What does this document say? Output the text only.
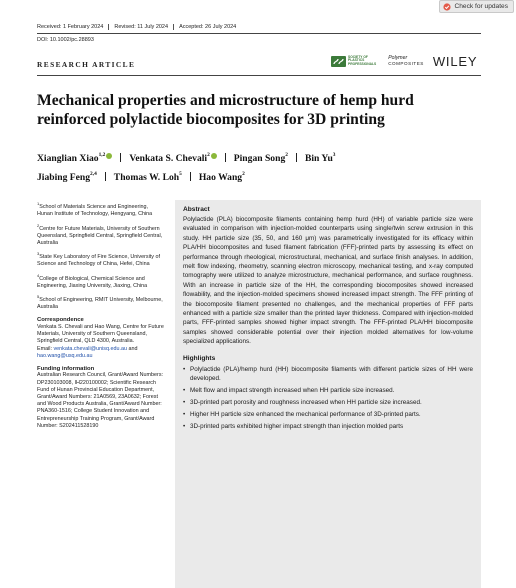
Check for updates
Received: 1 February 2024 Revised: 11 July 2024 Accepted: 26 July 2024
DOI: 10.1002/pc.28893
RESEARCH ARTICLE
SOCIETY OF
PLASTICS
PROFESSIONALS
Polymer
COMPOSITES WILEY
Mechanical properties and microstructure of hemp hurd reinforced polylactide biocomposites for 3D printing
Xianglian Xiao$^{1,2}$	Venkata S. Chevali$^2$	Pingan Song$^2$ Bin Yu$^3$
Jiabing Feng$^{2,4}$ Thomas W. Loh$^5$ Hao Wang$^2$
$^1$School of Materials Science and Engineering, Hunan Institute of Technology, Hengyang, China
$^2$Centre for Future Materials, University of Southern Queensland, Springfield Central, Springfield Central, Australia
$^3$State Key Laboratory of Fire Science, University of Science and Technology of China, Hefei, China
$^4$College of Biological, Chemical Science and Engineering, Jiaxing University, Jiaxing, China
$^5$School of Engineering, RMIT University, Melbourne, Australia
Correspondence
Venkata S. Chevali and Hao Wang, Centre for Future Materials, University of Southern Queensland, Springfield Central, QLD 4300, Australia.
Email: venkata.chevali@unisq.edu.au and hao.wang@usq.edu.au
Funding information
Australian Research Council, Grant/Award Numbers: DP230103008, IH220100002; Scientific Research Fund of Hunan Provincial Education Department, Grant/Award Numbers: 21A0569, 23A0632; Forest and Wood Products Australia, Grant/Award Number: PNA360-1516; College Student Innovation and Entrepreneurship Training Program, Grant/Award Number: S202411528190
Abstract

Polylactide (PLA) biocomposite filaments containing hemp hurd (HH) of variable particle size were evaluated in comparison with injection-molded counterparts using single/twin screw extrusion in this study. HH particle size (35, 50, and 160 μm) was parametrically investigated for its efficacy within PLA/HH biocomposites and fused filament fabrication (FFF)-printed parts by assessing its effect on performance through rheological, microstructural, mechanical, and surface finish analyses. In addition, melt flow indexing, rheometry, scanning electron microscopy, mechanical testing, and x-ray computed tomography were utilized to analyze microstructure, mechanical performance, and surface roughness. With an increase in particle size of the HH, the corresponding biocomposites showed increased flowability, and the injection-molded specimens showed increased impact strength. The FFF printing of the biocomposite filament presented no challenges, and the mechanical properties of FFF parts enhanced with a particle size smaller than the printed layer thickness. Compared with injection-molded parts, FFF-printed samples showed higher impact strength. The FFF-printed PLA/HH biocomposite samples showed considerable potential over their injection molded alternatives for low-volume specialized applications.

Highlights
• Polylactide (PLA)/hemp hurd (HH) biocomposite filaments with different particle sizes of HH were developed.
• Melt flow and impact strength increased when HH particle size increased.
• 3D-printed part porosity and roughness increased when HH particle size increased.
• Higher HH particle size enhanced the mechanical performance of 3D-printed parts.
• 3D-printed parts exhibited higher impact strength than injection molded parts
